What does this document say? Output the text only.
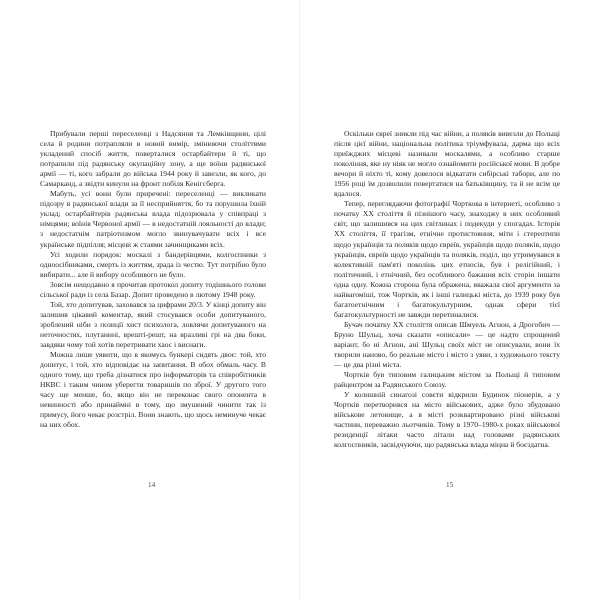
Прибували перші переселенці з Надсяння та Лемківщини, цілі села й родини потрапляли в новий вимір, змінюючи століттями укладений спосіб життя, поверталися остарбайтери й ті, що потрапили під радянську окупаційну зону, а ще воїни радянської армії — ті, кого забрали до війська 1944 року й завезли, як кого, до Самарканд, а звідти кинули на фронт побіля Кенігсберга.

Мабуть, усі вони були приречені: переселенці — викликати підозру в радянської влади за її несприйняття, бо та порушила їхній уклад; остарбайтерів радянська влада підозрювала у співпраці з німцями; воїнів Червоної армії — в недостатній лояльності до влади; з недостатнім патріотизмом могло звинувачувати всіх і все українське підпілля; місцеві ж стаями зачинщиками всіх.

Усі ходили порядок: москалі з бандерівцями, колгоспники з одноосібниками, смерть із життям, зрада із честю. Тут потрібно було вибирати... але й вибору особливого не було.

Зовсім нещодавно я прочитав протокол допиту тодішнього голови сільської ради із села Базар. Допит проведено в лютому 1948 року.

Той, хто допитував, заховався за цифрами 20/3. У кінці допиту він залишив цікавий коментар, який стосувався особи допитуваного, зроблений ніби з позиції хист психолога, ловлячи допитуваного на неточностях, плутанині, врешті-решт, на вразливі грі на два боки, завдяки чому той хотів перетривати хаос і виснаги.

Можна лише уявити, що в якомусь бункері сидять двоє: той, хто допитує, і той, хто відповідає на запитання. В обох обмаль часу. В одного тому, що треба дізнатися про інформаторів та співробітників НКВС і таким чином уберегти товаришів по зброї. У другого того часу ще менше, бо, якщо він не переконає свого опонента в невинності або принаймні в тому, що змушений чинити так із примусу, його чекає розстріл. Вони знають, що щось неминуче чекає на них обох.

14

Оскільки євреї зникли під час війни, а поляків вивезли до Польщі після цієї війни, національна політика тріумфувала, дарма що всіх приїжджих місцеві називали москалями, а особливо старше покоління, яке ну ніяк не могло ознайомити російської мови. В добре вечори й ніхто ті, кому довелося відкатати сибірські табори, але по 1956 році їм дозволили повертатися на батьківщину, та й не всім це вдалося.

Тепер, переглядаючи фотографії Чорткова в інтернеті, особливо з початку XX століття й пізнішого часу, знаходжу в них особливий світ, що залишився на цих світлинах і подекуди у спогадах. Історія XX століття, її трагізм, етнічне протистояння, міти і стереотипи щодо українців та поляків щодо євреїв, українців щодо поляків, щодо українців, євреїв щодо українців та поляків, поділ, що утримувався в колективній пам'яті поколінь цих етносів, був і релігійний, і політичний, і етнічний, без особливого бажання всіх сторін іншати одна одну. Кожна сторона була ображена, вважала свої аргументи за найвагоміші, тож Чортків, як і інші галицькі міста, до 1939 року був багатоетнічним і багатокультурним, однак сфери тієї багатокультурності не завжди перетиналися.

Бучач початку XX століття описав Шмуель Агнон, а Дрогобич — Бруно Шульц, хоча сказати «описали» — це надто спрощений варіант, бо ні Агнон, ані Шульц своїх міст не описували, вони їх творили наново, бо реальне місто і місто з уяви, з художнього тексту — це два різні міста.

Чортків був типовим галицьким містом за Польщі й типовим райцентром за Радянського Союзу.

У колишній синагозі совєти відкрили Будинок піонерів, а у Чортків перетворився на місто військових, адже було збудовано військове летовище, а в місті розквартировано різні військові частини, переважно льотчиків. Тому в 1970–1980-х роках військової резиденції літаки часто літали над головами радянських колгоспників, засвідчуючи, що радянська влада міцна й боєздатна.

15
